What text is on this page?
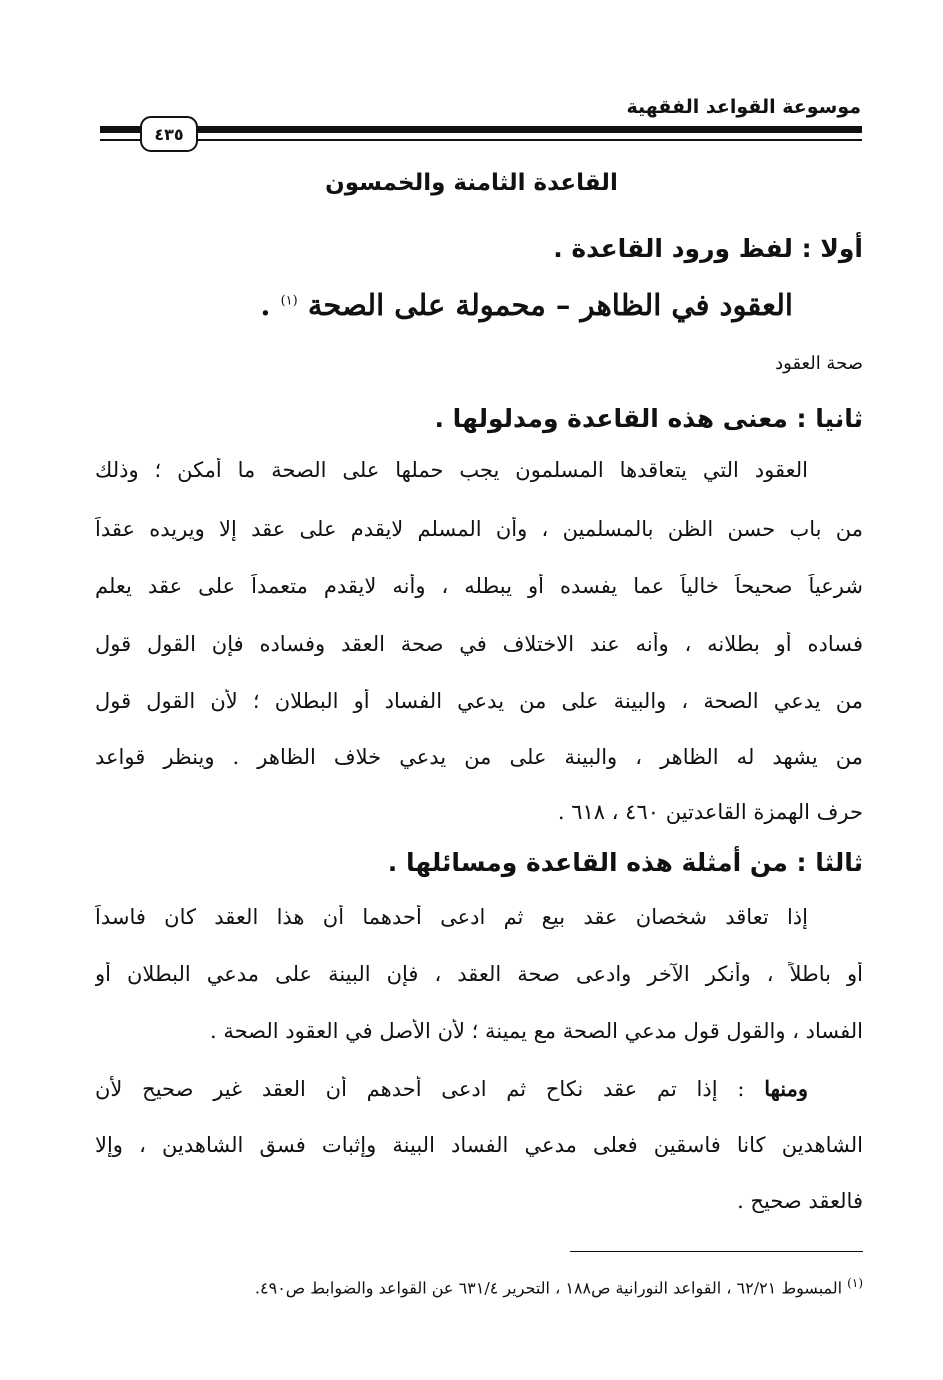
موسوعة القواعد الفقهية
٤٣٥
القاعدة الثامنة والخمسون
أولا : لفظ ورود القاعدة .
العقود في الظاهر – محمولة على الصحة $^{(١)}$ .
صحة العقود
ثانيا : معنى هذه القاعدة ومدلولها .
العقود التي يتعاقدها المسلمون يجب حملها على الصحة ما أمكن ؛ وذلك
من باب حسن الظن بالمسلمين ، وأن المسلم لايقدم على عقد إلا ويريده عقداً
شرعياً صحيحاً خالياً عما يفسده أو يبطله ، وأنه لايقدم متعمداً على عقد يعلم
فساده أو بطلانه ، وأنه عند الاختلاف في صحة العقد وفساده فإن القول قول
من يدعي الصحة ، والبينة على من يدعي الفساد أو البطلان ؛ لأن القول قول
من يشهد له الظاهر ، والبينة على من يدعي خلاف الظاهر . وينظر قواعد
حرف الهمزة القاعدتين ٤٦٠ ، ٦١٨ .
ثالثا : من أمثلة هذه القاعدة ومسائلها .
إذا تعاقد شخصان عقد بيع ثم ادعى أحدهما أن هذا العقد كان فاسداً
أو باطلاً ، وأنكر الآخر وادعى صحة العقد ، فإن البينة على مدعي البطلان أو
الفساد ، والقول قول مدعي الصحة مع يمينة ؛ لأن الأصل في العقود الصحة .
ومنها : إذا تم عقد نكاح ثم ادعى أحدهم أن العقد غير صحيح لأن
الشاهدين كانا فاسقين فعلى مدعي الفساد البينة وإثبات فسق الشاهدين ، وإلا
فالعقد صحيح .
$^{(١)}$ المبسوط ٦٢/٢١ ، القواعد النورانية ص١٨٨ ، التحرير ٦٣١/٤ عن القواعد والضوابط ص٤٩٠.
